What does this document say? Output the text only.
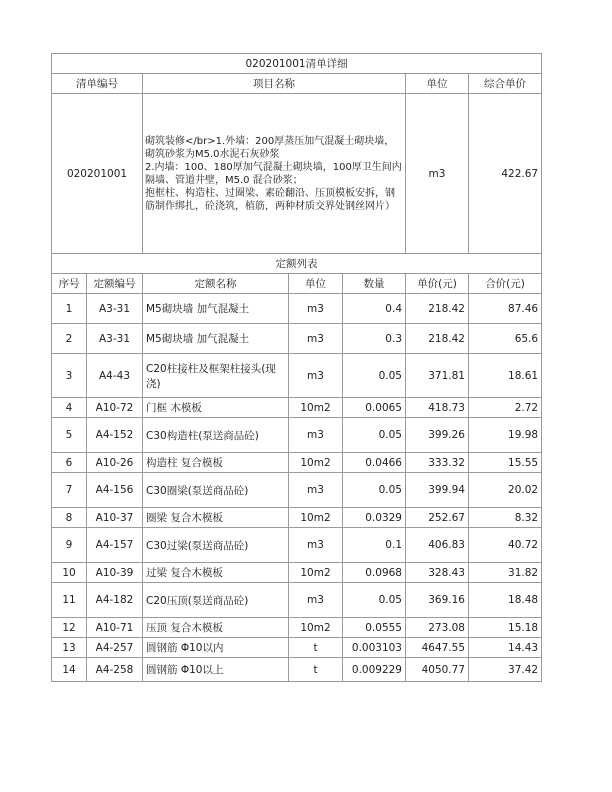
020201001清单详细						
清单编号		项目名称			单位	综合单价
020201001		砌筑装修</br>1.外墙：200厚蒸压加气混凝土砌块墙，砌筑砂浆为M5.0水泥石灰砂浆
2.内墙：100、180厚加气混凝土砌块墙，100厚卫生间内隔墙、管道井壁，M5.0 混合砂浆；
抱框柱、构造柱、过圈梁、素砼翻沿、压顶模板安拆，钢筋制作绑扎，砼浇筑，植筋，两种材质交界处钢丝网片）			m3	422.67
定额列表						
序号	定额编号	定额名称	单位	数量	单价(元)	合价(元)
1	A3-31	M5砌块墙 加气混凝土	m3	0.4	218.42	87.46
2	A3-31	M5砌块墙 加气混凝土	m3	0.3	218.42	65.6
3	A4-43	C20柱接柱及框架柱接头(现浇)	m3	0.05	371.81	18.61
4	A10-72	门框 木模板	10m2	0.0065	418.73	2.72
5	A4-152	C30构造柱(泵送商品砼)	m3	0.05	399.26	19.98
6	A10-26	构造柱 复合模板	10m2	0.0466	333.32	15.55
7	A4-156	C30圈梁(泵送商品砼)	m3	0.05	399.94	20.02
8	A10-37	圈梁 复合木模板	10m2	0.0329	252.67	8.32
9	A4-157	C30过梁(泵送商品砼)	m3	0.1	406.83	40.72
10	A10-39	过梁 复合木模板	10m2	0.0968	328.43	31.82
11	A4-182	C20压顶(泵送商品砼)	m3	0.05	369.16	18.48
12	A10-71	压顶 复合木模板	10m2	0.0555	273.08	15.18
13	A4-257	圆钢筋 Φ10以内	t	0.003103	4647.55	14.43
14	A4-258	圆钢筋 Φ10以上	t	0.009229	4050.77	37.42
